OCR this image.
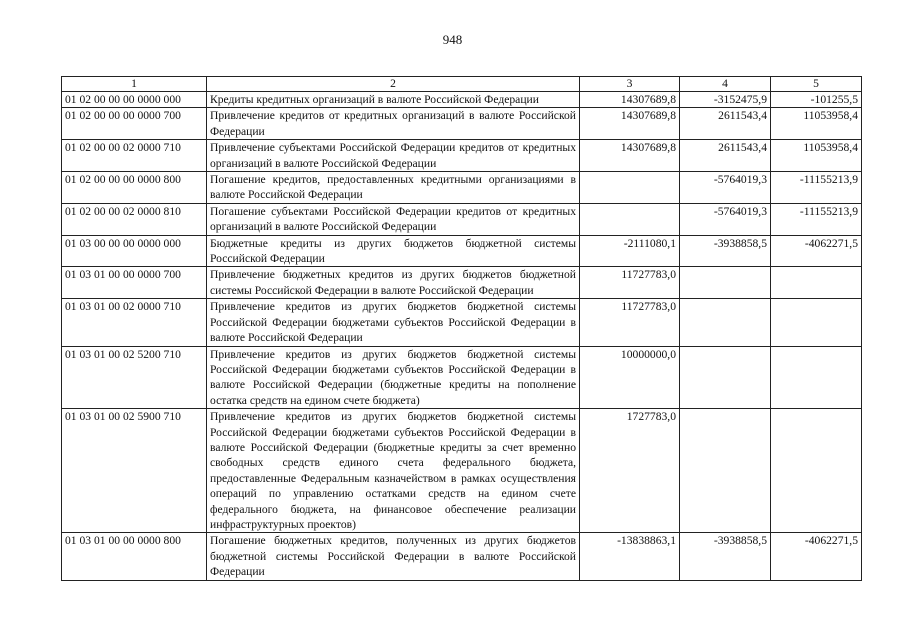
948
1	2	3	4	5
01 02 00 00 00 0000 000	Кредиты кредитных организаций в валюте Российской Федерации	14307689,8	-3152475,9	-101255,5
01 02 00 00 00 0000 700	Привлечение кредитов от кредитных организаций в валюте Российской Федерации	14307689,8	2611543,4	11053958,4
01 02 00 00 02 0000 710	Привлечение субъектами Российской Федерации кредитов от кредитных организаций в валюте Российской Федерации	14307689,8	2611543,4	11053958,4
01 02 00 00 00 0000 800	Погашение кредитов, предоставленных кредитными организациями в валюте Российской Федерации		-5764019,3	-11155213,9
01 02 00 00 02 0000 810	Погашение субъектами Российской Федерации кредитов от кредитных организаций в валюте Российской Федерации		-5764019,3	-11155213,9
01 03 00 00 00 0000 000	Бюджетные кредиты из других бюджетов бюджетной системы Российской Федерации	-2111080,1	-3938858,5	-4062271,5
01 03 01 00 00 0000 700	Привлечение бюджетных кредитов из других бюджетов бюджетной системы Российской Федерации в валюте Российской Федерации	11727783,0		
01 03 01 00 02 0000 710	Привлечение кредитов из других бюджетов бюджетной системы Российской Федерации бюджетами субъектов Российской Федерации в валюте Российской Федерации	11727783,0		
01 03 01 00 02 5200 710	Привлечение кредитов из других бюджетов бюджетной системы Российской Федерации бюджетами субъектов Российской Федерации в валюте Российской Федерации (бюджетные кредиты на пополнение остатка средств на едином счете бюджета)	10000000,0		
01 03 01 00 02 5900 710	Привлечение кредитов из других бюджетов бюджетной системы Российской Федерации бюджетами субъектов Российской Федерации в валюте Российской Федерации (бюджетные кредиты за счет временно свободных средств единого счета федерального бюджета, предоставленные Федеральным казначейством в рамках осуществления операций по управлению остатками средств на едином счете федерального бюджета, на финансовое обеспечение реализации инфраструктурных проектов)	1727783,0		
01 03 01 00 00 0000 800	Погашение бюджетных кредитов, полученных из других бюджетов бюджетной системы Российской Федерации в валюте Российской Федерации	-13838863,1	-3938858,5	-4062271,5
